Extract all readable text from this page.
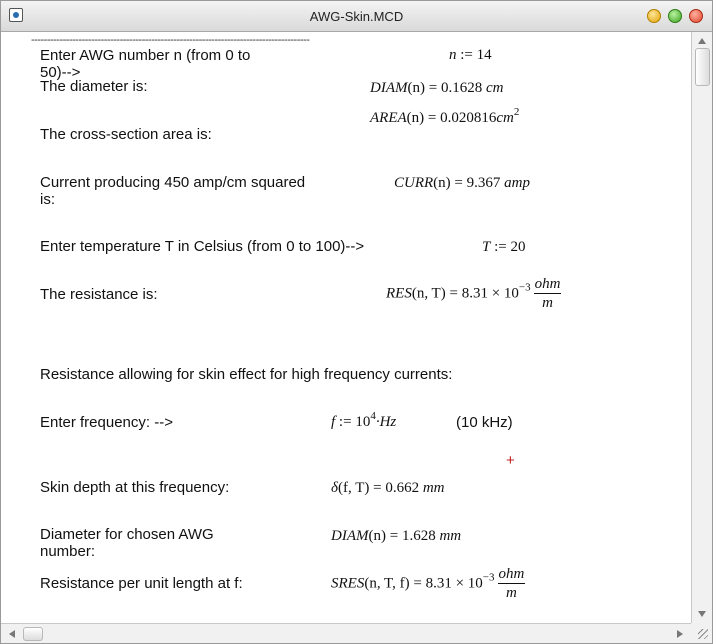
AWG-Skin.MCD
----------------------------------------------------------------------------------------
Enter AWG number n (from 0 to
50)-->
n := 14
The diameter is:	DIAM(n) = 0.1628 cm
AREA(n) = $0.020816cm^2$
The cross-section area is:
Current producing 450 amp/cm squared
is:
CURR(n) = 9.367 amp
Enter temperature T in Celsius (from 0 to 100)-->	T := 20
The resistance is:	RES(n, $T) = 8.31 \times 10^{-3} \frac{\text{ohm}}{m}$
Resistance allowing for skin effect for high frequency currents:
Enter frequency: -->	f := $10^4\cdot Hz$	(10 kHz)
+
Skin depth at this frequency:	δ(f, T) = 0.662 mm
Diameter for chosen AWG
number:
DIAM(n) = 1.628 mm
Resistance per unit length at f:	SRES(n, T, $f) = 8.31 \times 10^{-3} \frac{\text{ohm}}{m}$
